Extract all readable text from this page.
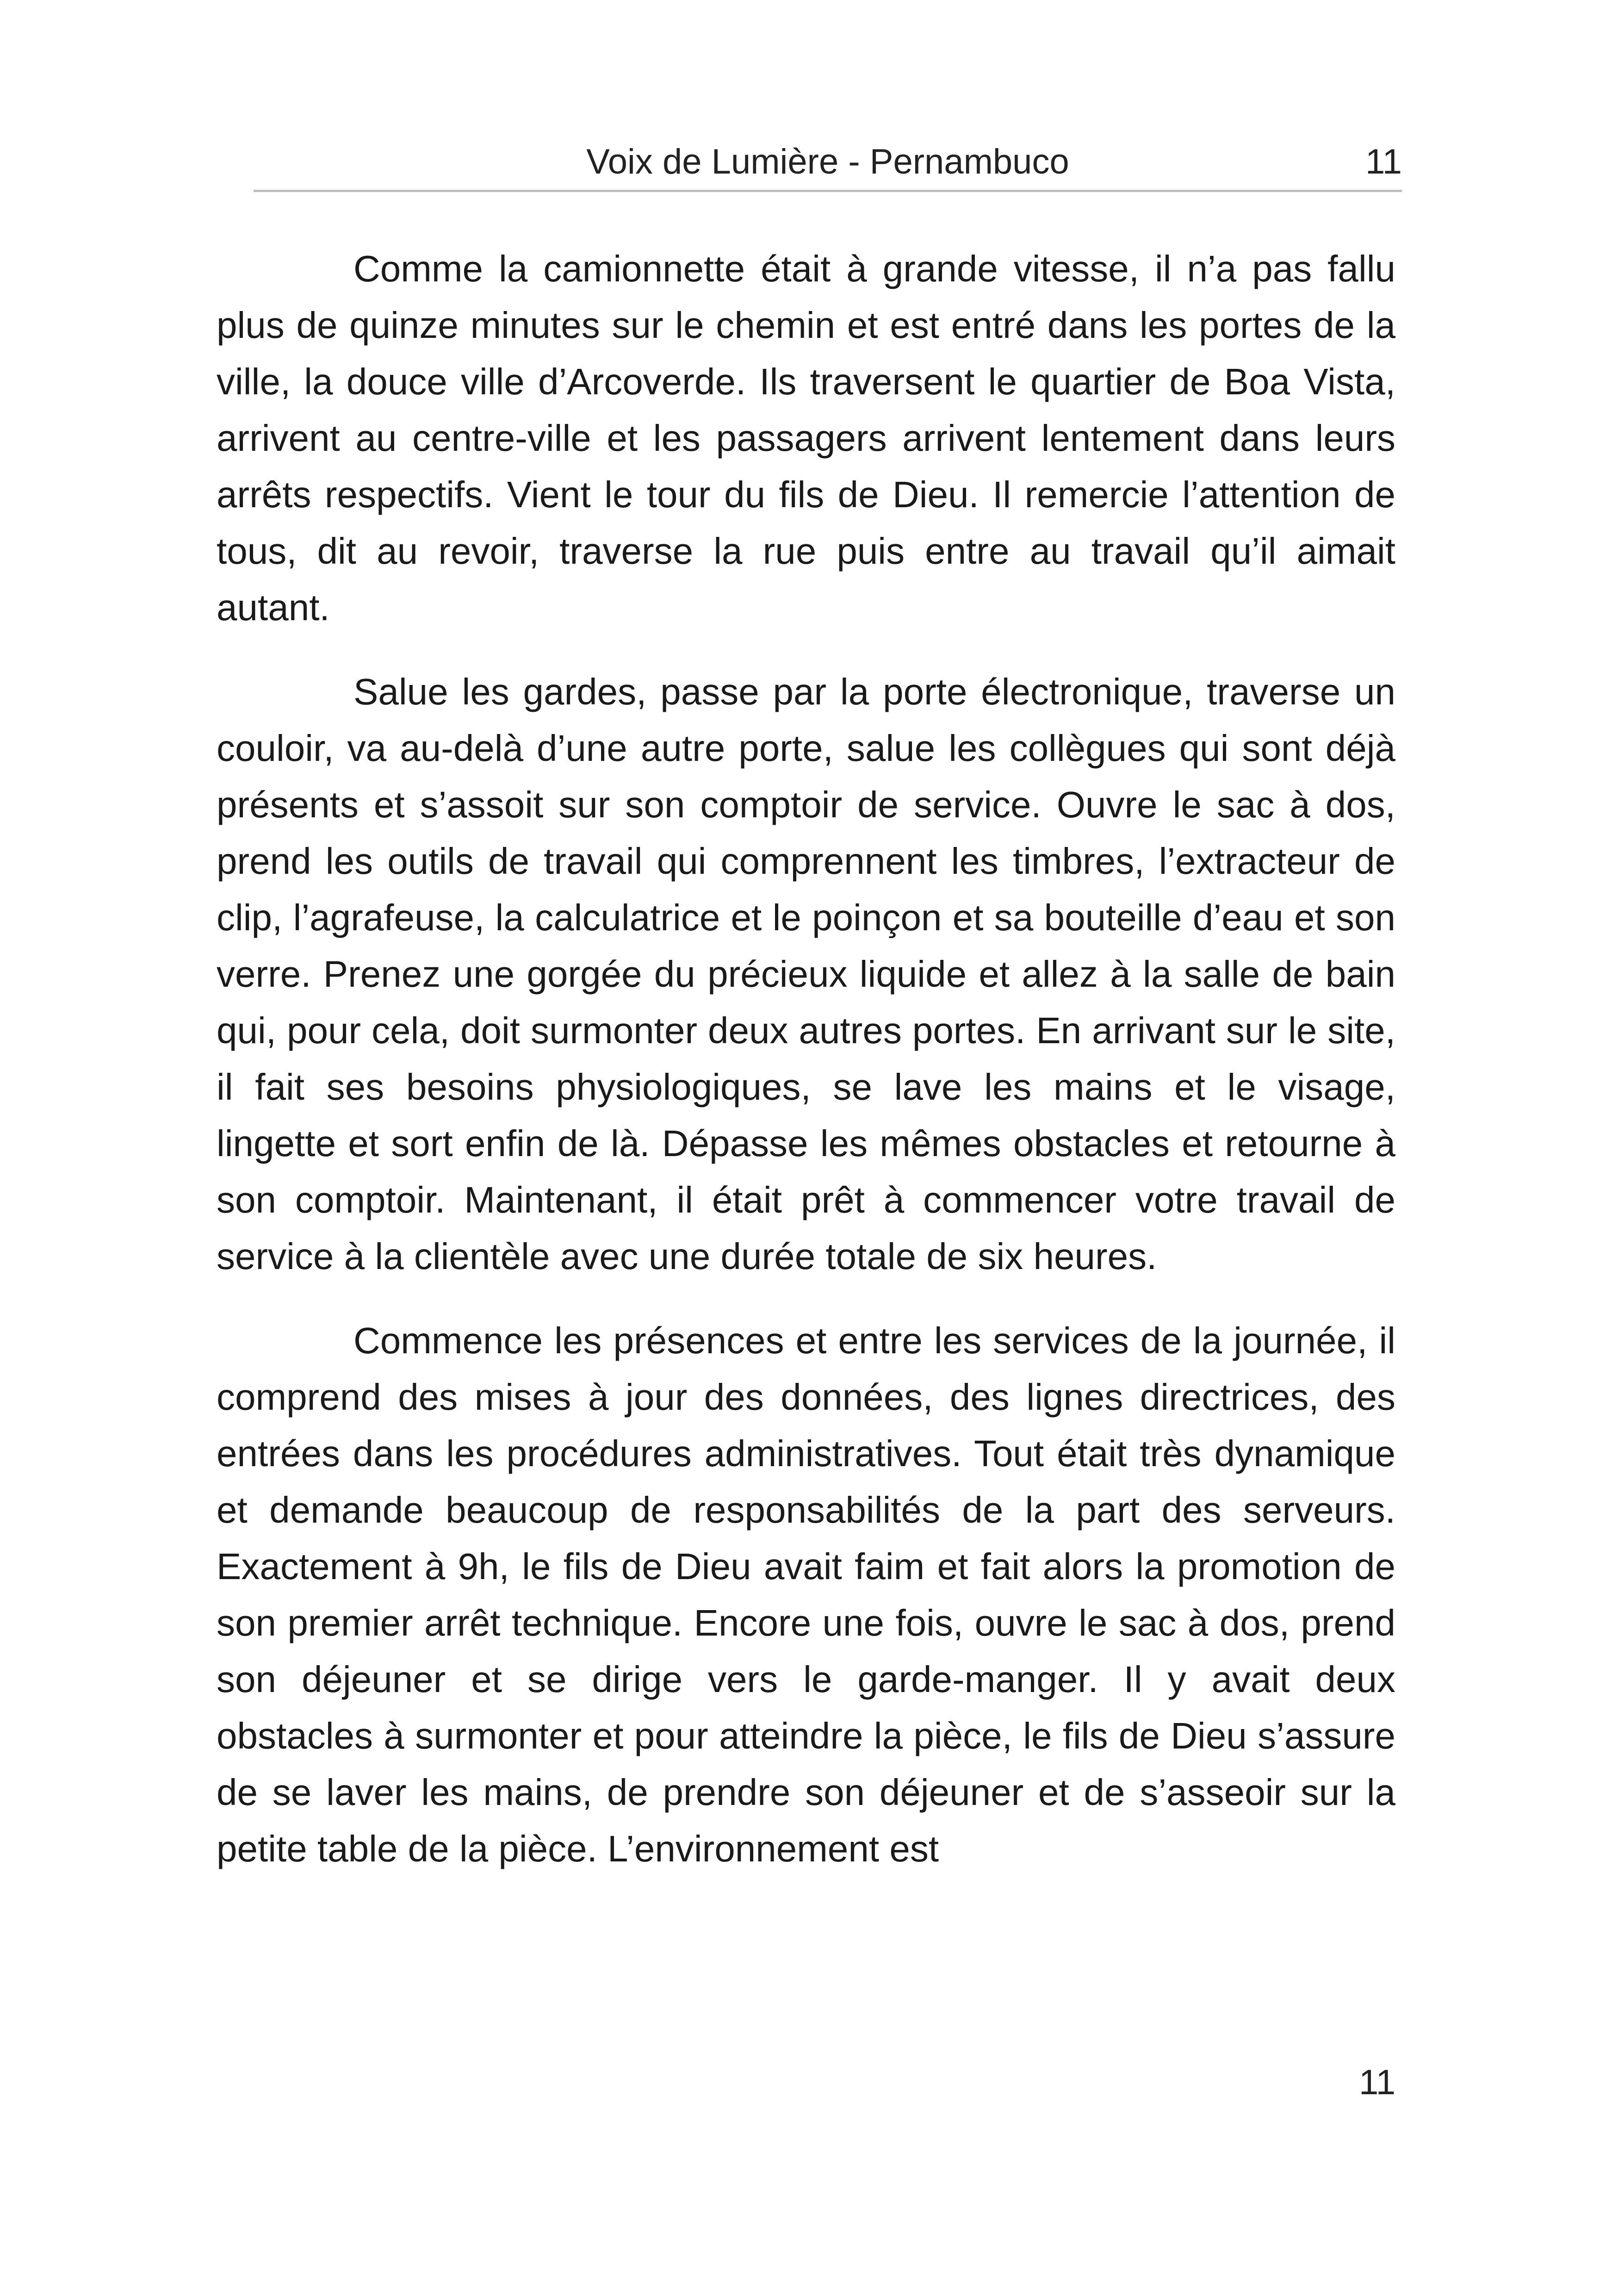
Voix de Lumière - Pernambuco	11

Comme la camionnette était à grande vitesse, il n’a pas fallu plus de quinze minutes sur le chemin et est entré dans les portes de la ville, la douce ville d’Arcoverde. Ils traversent le quartier de Boa Vista, arrivent au centre-ville et les passagers arrivent lentement dans leurs arrêts respectifs. Vient le tour du fils de Dieu. Il remercie l’attention de tous, dit au revoir, traverse la rue puis entre au travail qu’il aimait autant.

Salue les gardes, passe par la porte électronique, traverse un couloir, va au-delà d’une autre porte, salue les collègues qui sont déjà présents et s’assoit sur son comptoir de service. Ouvre le sac à dos, prend les outils de travail qui comprennent les timbres, l’extracteur de clip, l’agrafeuse, la calculatrice et le poinçon et sa bouteille d’eau et son verre. Prenez une gorgée du précieux liquide et allez à la salle de bain qui, pour cela, doit surmonter deux autres portes. En arrivant sur le site, il fait ses besoins physiologiques, se lave les mains et le visage, lingette et sort enfin de là. Dépasse les mêmes obstacles et retourne à son comptoir. Maintenant, il était prêt à commencer votre travail de service à la clientèle avec une durée totale de six heures.

Commence les présences et entre les services de la journée, il comprend des mises à jour des données, des lignes directrices, des entrées dans les procédures administratives. Tout était très dynamique et demande beaucoup de responsabilités de la part des serveurs. Exactement à 9h, le fils de Dieu avait faim et fait alors la promotion de son premier arrêt technique. Encore une fois, ouvre le sac à dos, prend son déjeuner et se dirige vers le garde-manger. Il y avait deux obstacles à surmonter et pour atteindre la pièce, le fils de Dieu s’assure de se laver les mains, de prendre son déjeuner et de s’asseoir sur la petite table de la pièce. L’environnement est

11
